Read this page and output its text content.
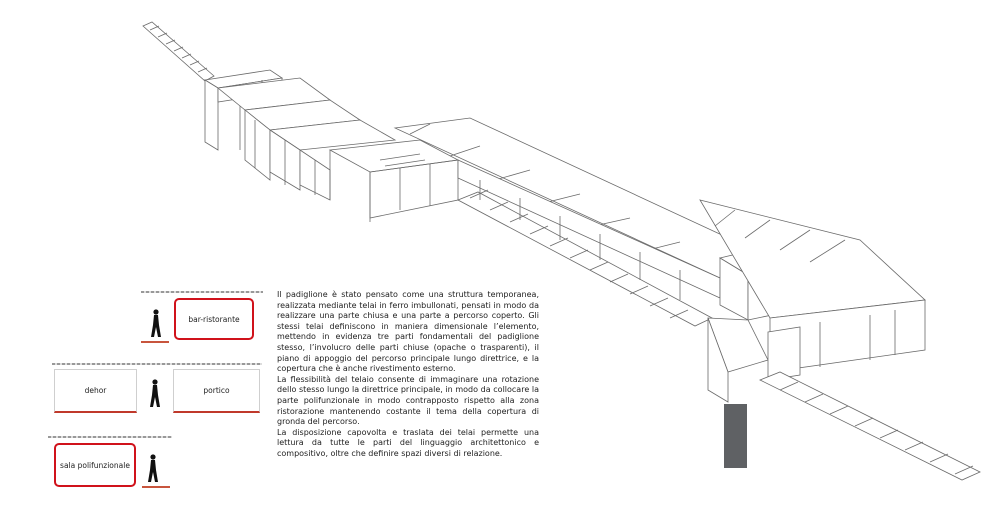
bar-ristorante
dehor	portico
sala polifunzionale

Il padiglione è stato pensato come una struttura temporanea, realizzata mediante telai in ferro imbullonati, pensati in modo da realizzare una parte chiusa e una parte a percorso coperto. Gli stessi telai definiscono in maniera dimensionale l’elemento, mettendo in evidenza tre parti fondamentali del padiglione stesso, l’involucro delle parti chiuse (opache o trasparenti), il piano di appoggio del percorso principale lungo direttrice, e la copertura che è anche rivestimento esterno.

La flessibilità del telaio consente di immaginare una rotazione dello stesso lungo la direttrice principale, in modo da collocare la parte polifunzionale in modo contrapposto rispetto alla zona ristorazione mantenendo costante il tema della copertura di gronda del percorso.

La disposizione capovolta e traslata dei telai permette una lettura da tutte le parti del linguaggio architettonico e compositivo, oltre che definire spazi diversi di relazione.
